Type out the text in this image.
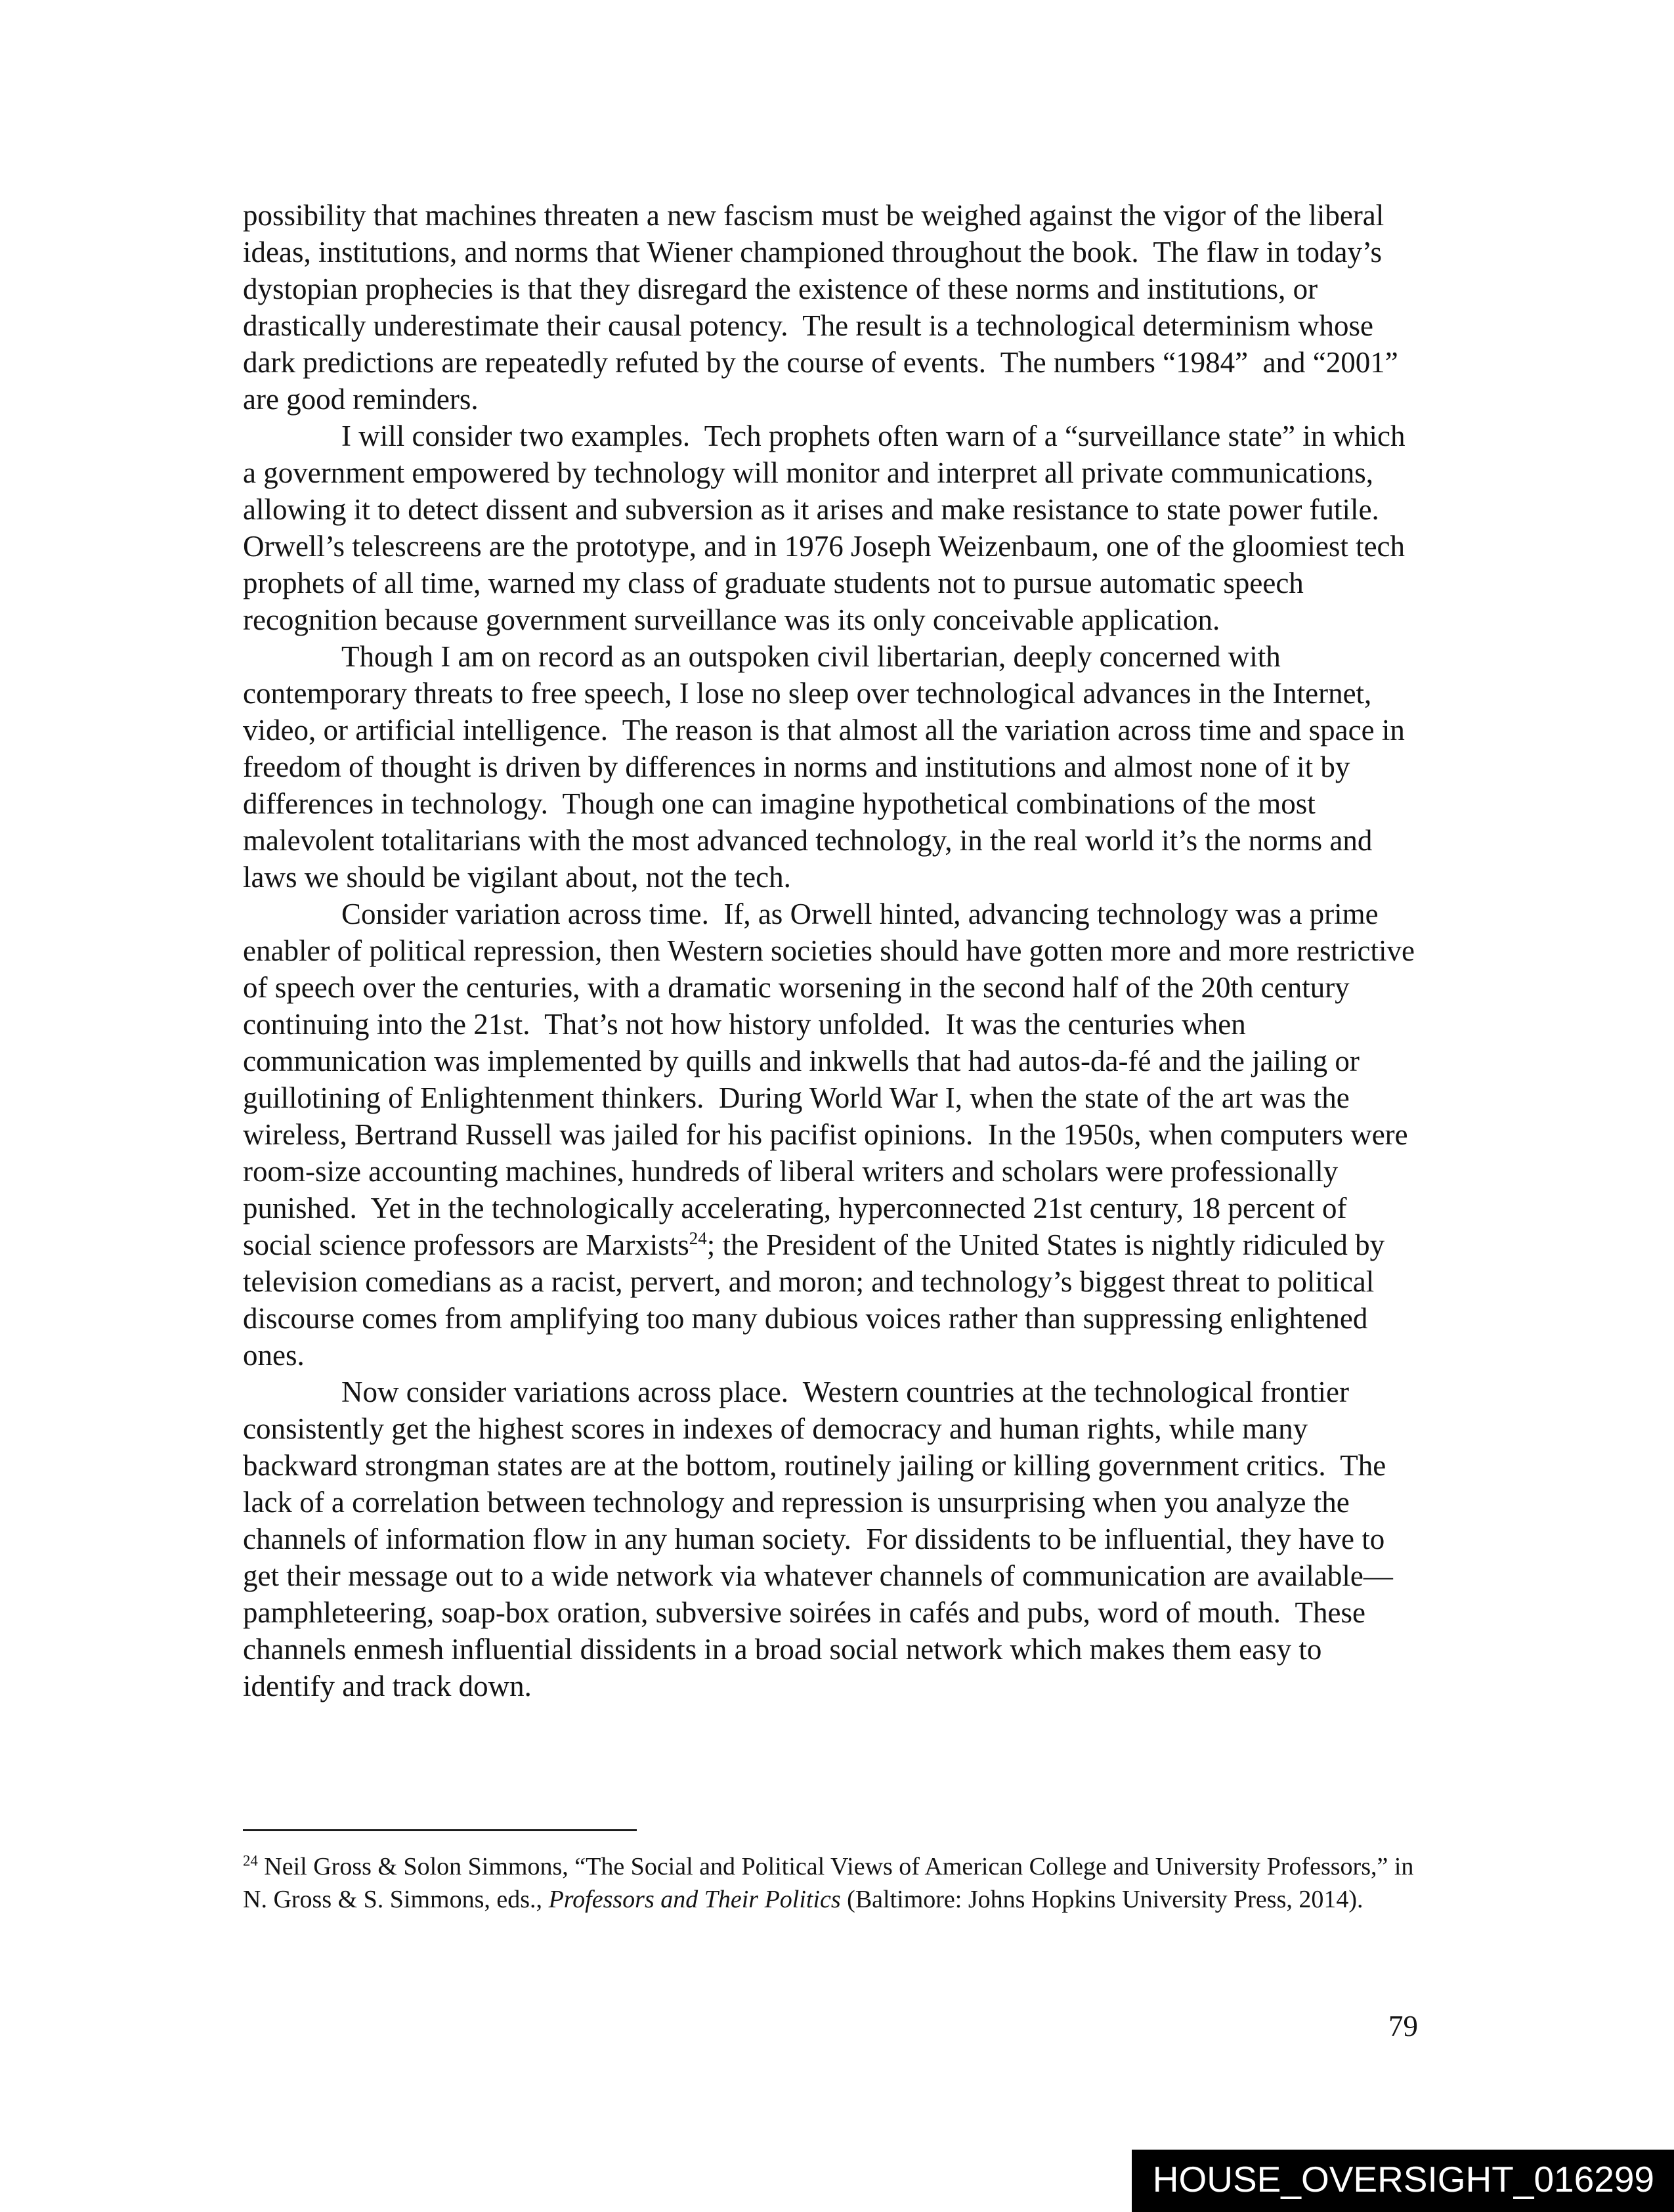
possibility that machines threaten a new fascism must be weighed against the vigor of the liberal ideas, institutions, and norms that Wiener championed throughout the book.  The flaw in today’s dystopian prophecies is that they disregard the existence of these norms and institutions, or drastically underestimate their causal potency.  The result is a technological determinism whose dark predictions are repeatedly refuted by the course of events.  The numbers “1984”  and “2001” are good reminders.

I will consider two examples.  Tech prophets often warn of a “surveillance state” in which a government empowered by technology will monitor and interpret all private communications, allowing it to detect dissent and subversion as it arises and make resistance to state power futile.  Orwell’s telescreens are the prototype, and in 1976 Joseph Weizenbaum, one of the gloomiest tech prophets of all time, warned my class of graduate students not to pursue automatic speech recognition because government surveillance was its only conceivable application.

Though I am on record as an outspoken civil libertarian, deeply concerned with contemporary threats to free speech, I lose no sleep over technological advances in the Internet, video, or artificial intelligence.  The reason is that almost all the variation across time and space in freedom of thought is driven by differences in norms and institutions and almost none of it by differences in technology.  Though one can imagine hypothetical combinations of the most malevolent totalitarians with the most advanced technology, in the real world it’s the norms and laws we should be vigilant about, not the tech.

Consider variation across time.  If, as Orwell hinted, advancing technology was a prime enabler of political repression, then Western societies should have gotten more and more restrictive of speech over the centuries, with a dramatic worsening in the second half of the 20th century continuing into the 21st.  That’s not how history unfolded.  It was the centuries when communication was implemented by quills and inkwells that had autos-da-fé and the jailing or guillotining of Enlightenment thinkers.  During World War I, when the state of the art was the wireless, Bertrand Russell was jailed for his pacifist opinions.  In the 1950s, when computers were room-size accounting machines, hundreds of liberal writers and scholars were professionally punished.  Yet in the technologically accelerating, hyperconnected 21st century, 18 percent of social science professors are Marxists$^{24}$; the President of the United States is nightly ridiculed by television comedians as a racist, pervert, and moron; and technology’s biggest threat to political discourse comes from amplifying too many dubious voices rather than suppressing enlightened ones.

Now consider variations across place.  Western countries at the technological frontier consistently get the highest scores in indexes of democracy and human rights, while many backward strongman states are at the bottom, routinely jailing or killing government critics.  The lack of a correlation between technology and repression is unsurprising when you analyze the channels of information flow in any human society.  For dissidents to be influential, they have to get their message out to a wide network via whatever channels of communication are available—pamphleteering, soap-box oration, subversive soirées in cafés and pubs, word of mouth.  These channels enmesh influential dissidents in a broad social network which makes them easy to identify and track down.

$^{24}$ Neil Gross & Solon Simmons, “The Social and Political Views of American College and University Professors,” in N. Gross & S. Simmons, eds., Professors and Their Politics (Baltimore: Johns Hopkins University Press, 2014).
79
HOUSE_OVERSIGHT_016299
